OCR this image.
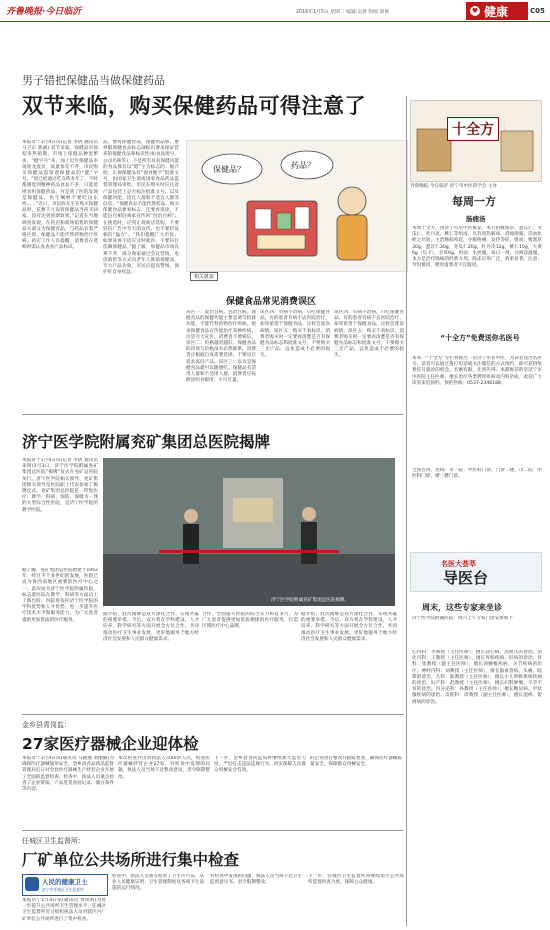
齐鲁晚报·今日临沂	2016年1月5日 星期二 编辑:吴晨 组版:周艳	♥ 健康	C05
男子错把保健品当做保健药品
双节来临，购买保健药品可得注意了
本报济宁1月4日讯(记者 李倩 通讯员 马卫东 郭丽) 双节来临，保健品市场迎来热销期，市场上保健品种类繁多，“健字号”多，加上近年保健品市场鱼龙混杂，质量参差不齐，市民购买保健品需留意保健品的“健”字号。“因已经通过吃点药多年了，不时都感觉到精神药品食品不多，只能选择食用保健药品，可是到了医院发现是保健品，医生嘱咐不要吃这东西……”近日，市民陈先生在购买保健品时，花数千元误将保健品当药买回家，没有达到预期效果。”记者在当地调查发现，在药店和商场销售的保健品大部分为保健食品，与药品有着严格区别，保健品不能代替药物治疗疾病。药店工作人员提醒，消费者在选购时需认真查看产品标识。
品，要将保健食品、保健用品和、要界限保健食品标志部标识要求保证营养的保健食品和标识性(如食品批号、公司名称等)，不是所有具有保健功能的食品都有以“健”字为标志的。据介绍，正规保健品有“国食健字”批准文号，由国家卫生部或国家食品药品监督管理局审批。市民在购买时应注意产品包装上是否标注批准文号，以及保健功能、适宜人群和不适宜人群等信息。“保健食品不能代替药品，购买保健食品要看标志，还要看用途，不能盲目相信商家宣传的“包治百病”。在挑选时，应到正规商店选购，不要轻信广告中夸大的宣传，也不要轻易相信“偏方”。“我们提醒广大市民，如果身体不适应及时就医，不要盲目依赖保健品。”据了解，保健品市场良莠不齐，部分商家通过会议营销、电话销售等方式向老年人推销保健品，夸大产品功效，市民应提高警惕，保护好自身权益。
保健品？	药品？
相关链接
保健食品常见消费误区
误区一：能治百病，包治百病。保健食品的保健功能主要是调节机体功能，不能代替药物治疗疾病。很多保健食品宣传能治疗多种疾病，这是夸大宣传，消费者不要相信。误区二：价格越贵越好。保健食品的功效与价格没有必然联系，消费者应根据自身需要选择，不要盲目追求高价产品。误区三：以为是保健食品就可以随便吃。保健品有适用人群和不适用人群，消费者应按照说明书服用，不可过量。
误区四：有病不治病，只吃保健食品。有的患者有病不去医院治疗，却寄希望于保健食品，这样会延误病情。误区五：购买不看标识。消费者购买时一定要看清楚是否有保健食品标志和批准文号，不要购买三无产品，以免造成不必要的损失。
误区四：有病不治病，只吃保健食品。有的患者有病不去医院治疗，却寄希望于保健食品，这样会延误病情。误区五：购买不看标识。消费者购买时一定要看清楚是否有保健食品标志和批准文号，不要购买三无产品，以免造成不必要的损失。
十全方
齐鲁晚报·今日临沂 济宁市中医药学会 主办
每周一方
肠痈汤
本周十全方，由济宁市名中医推荐。本方由败酱草、薏苡仁、冬瓜仁、牡丹皮、桃仁等组成，具有清热解毒、消痈排脓、活血化瘀之功效，主治肠痈初起，少腹疼痛，发热等症。组成：败酱草30g，薏苡仁30g，冬瓜仁20g，牡丹皮12g，桃仁10g，大黄6g（后下），甘草6g。用法：水煎服，每日一剂，分两次温服。本方是治疗肠痈的经典方剂，临床应用广泛，效果显著。注意：孕妇慎用，脾胃虚寒者不宜服用。
“十全方”免费送你名医号
本周一“十全方”专栏将推出一位济宁市名中医，为读者送出名医号，读者可以通过拨打电话或关注微信的方式预约，即可获得免费挂号就诊的机会。名额有限，先到先得。本期推荐的是济宁市中医院主任医师，擅长治疗各类脾胃疾病及内科杂症，欢迎广大读者来电预约。预约热线：0537-2346188。
全国咨询、热线：市一院：中医科门诊、门诊二楼、市二院：中医科门诊、楼三楼门诊。
名医大荟萃
导医台
周末，这些专家来坐诊
济宁医学院附属医院：周六上午专家门诊安排如下：
心内科：李教授（主任医师），擅长冠心病、高血压的诊治。消化内科：王教授（主任医师），擅长胃肠疾病、肝病的诊治。骨科：张教授（副主任医师），擅长颈腰椎疾病、关节疾病的治疗。神经内科：刘教授（主任医师），擅长脑血管病、头痛、眩晕的诊治。儿科：陈教授（主任医师），擅长小儿呼吸系统疾病的诊治。妇产科：赵教授（主任医师），擅长妇科肿瘤、不孕不育的诊治。内分泌科：孙教授（主任医师），擅长糖尿病、甲状腺疾病的诊治。皮肤科：周教授（副主任医师），擅长湿疹、银屑病的诊治。
济宁医学院附属兖矿集团总医院揭牌
本报济宁1月4日讯(记者 李倩 通讯员 朱明)1月3日，济宁医学院附属兖矿集团总医院“揭牌”仪式在兖矿总医院举行。济宁医学院相关领导、兖矿集团相关领导及医院职工代表参加了揭牌仪式。兖矿集团总医院是一所集医疗、教学、科研、预防、保健为一体的大型综合性医院，是济宁医学院的教学医院。
据了解，兖矿集团总医院始建于1952年，经过半个多世纪的发展，医院已成为鲁西南地区重要的医疗中心之一。此次成为济宁医学院附属医院，标志着医院在教学、科研等方面迈上了新台阶。医院将依托济宁医学院的学科优势和人才优势，进一步提升医疗技术水平和服务能力，为广大患者提供更加优质的医疗服务。
济宁医学院附属兖矿集团总医院揭牌。
据介绍，此次揭牌是双方深化合作、实现共赢的重要举措。今后，双方将在学科建设、人才培养、科学研究等方面开展全方位合作，共同推动医疗卫生事业发展，更好地服务于地方经济社会发展和人民群众健康需求。
合作，全面提升医院的综合实力和竞争力，为广大患者提供更加优质便捷的医疗服务，打造区域医疗中心品牌。
据介绍，此次揭牌是双方深化合作、实现共赢的重要举措。今后，双方将在学科建设、人才培养、科学研究等方面开展全方位合作，共同推动医疗卫生事业发展，更好地服务于地方经济社会发展和人民群众健康需求。
金乡县青岗监：
27家医疗器械企业迎体检
本报济宁1月4日讯(通讯员 马晓丽 刘丽丽)为确保医疗器械使用安全，金乡县食品药品监督管理局近日对全县医疗器械生产经营企业开展了全面的监督检查。检查中，执法人员重点检查了企业资质、产品进货查验记录、储存条件等内容。
本次检查共出动执法人员60余人次，检查医疗器械经营企业27家，对检查中发现的问题，执法人员当场下达整改意见，责令限期整改。
下一步，金乡县食药监局将继续加大监管力度，严厉打击违法违规行为，切实保障人民群众用械安全有效。
的企业进行整改并跟踪复查，确保医疗器械质量安全，保障群众用械安全。
任城区卫生监督所：
厂矿单位公共场所进行集中检查
人民的健康卫士
济宁市任城区卫生监督所
本报济宁1月4日讯(通讯员 贾凤鸣)为进一步提升公共场所卫生管理水平，任城区卫生监督所近日组织执法人员对辖区内厂矿单位公共场所进行了集中检查。
检查中，执法人员重点检查了卫生许可证、从业人员健康证明、卫生管理制度及各项卫生设施的运行情况。
对检查中发现的问题，执法人员当场下达卫生监督意见书，责令限期整改。
下一步，任城区卫生监督所将继续加大公共场所监督检查力度，保障公众健康。
